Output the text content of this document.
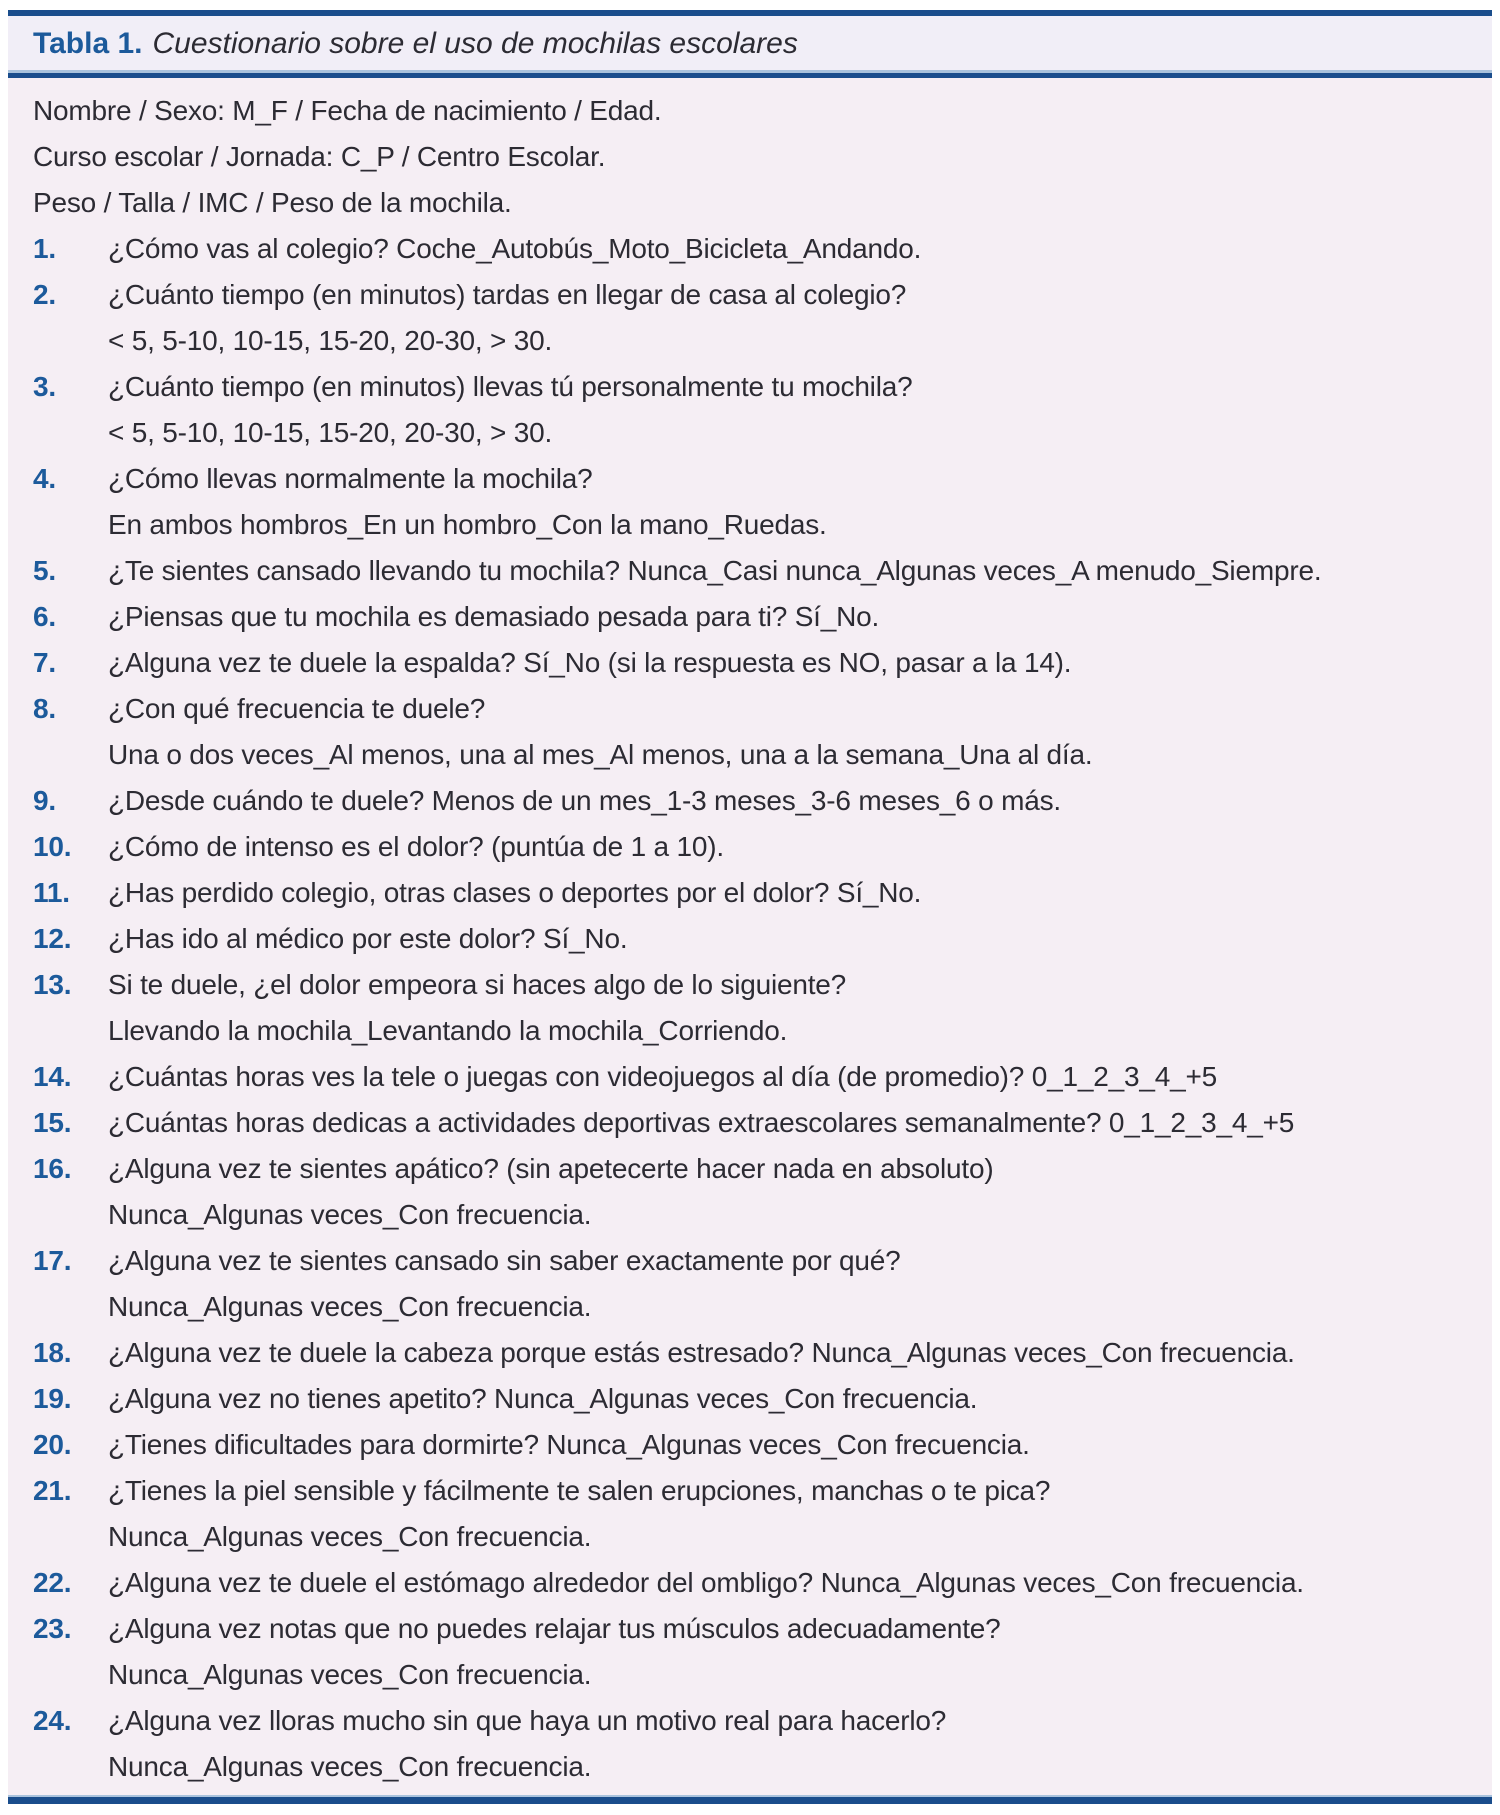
Tabla 1. Cuestionario sobre el uso de mochilas escolares
Nombre / Sexo: M_F / Fecha de nacimiento / Edad.
Curso escolar / Jornada: C_P / Centro Escolar.
Peso / Talla / IMC / Peso de la mochila.
1.	¿Cómo vas al colegio? Coche_Autobús_Moto_Bicicleta_Andando.
2.	¿Cuánto tiempo (en minutos) tardas en llegar de casa al colegio?
< 5, 5-10, 10-15, 15-20, 20-30, > 30.
3.	¿Cuánto tiempo (en minutos) llevas tú personalmente tu mochila?
< 5, 5-10, 10-15, 15-20, 20-30, > 30.
4.	¿Cómo llevas normalmente la mochila?
En ambos hombros_En un hombro_Con la mano_Ruedas.
5.	¿Te sientes cansado llevando tu mochila? Nunca_Casi nunca_Algunas veces_A menudo_Siempre.
6.	¿Piensas que tu mochila es demasiado pesada para ti? Sí_No.
7.	¿Alguna vez te duele la espalda? Sí_No (si la respuesta es NO, pasar a la 14).
8.	¿Con qué frecuencia te duele?
Una o dos veces_Al menos, una al mes_Al menos, una a la semana_Una al día.
9.	¿Desde cuándo te duele? Menos de un mes_1-3 meses_3-6 meses_6 o más.
10.	¿Cómo de intenso es el dolor? (puntúa de 1 a 10).
11.	¿Has perdido colegio, otras clases o deportes por el dolor? Sí_No.
12.	¿Has ido al médico por este dolor? Sí_No.
13.	Si te duele, ¿el dolor empeora si haces algo de lo siguiente?
Llevando la mochila_Levantando la mochila_Corriendo.
14.	¿Cuántas horas ves la tele o juegas con videojuegos al día (de promedio)? 0_1_2_3_4_+5
15.	¿Cuántas horas dedicas a actividades deportivas extraescolares semanalmente? 0_1_2_3_4_+5
16.	¿Alguna vez te sientes apático? (sin apetecerte hacer nada en absoluto)
Nunca_Algunas veces_Con frecuencia.
17.	¿Alguna vez te sientes cansado sin saber exactamente por qué?
Nunca_Algunas veces_Con frecuencia.
18.	¿Alguna vez te duele la cabeza porque estás estresado? Nunca_Algunas veces_Con frecuencia.
19.	¿Alguna vez no tienes apetito? Nunca_Algunas veces_Con frecuencia.
20.	¿Tienes dificultades para dormirte? Nunca_Algunas veces_Con frecuencia.
21.	¿Tienes la piel sensible y fácilmente te salen erupciones, manchas o te pica?
Nunca_Algunas veces_Con frecuencia.
22.	¿Alguna vez te duele el estómago alrededor del ombligo? Nunca_Algunas veces_Con frecuencia.
23.	¿Alguna vez notas que no puedes relajar tus músculos adecuadamente?
Nunca_Algunas veces_Con frecuencia.
24.	¿Alguna vez lloras mucho sin que haya un motivo real para hacerlo?
Nunca_Algunas veces_Con frecuencia.
